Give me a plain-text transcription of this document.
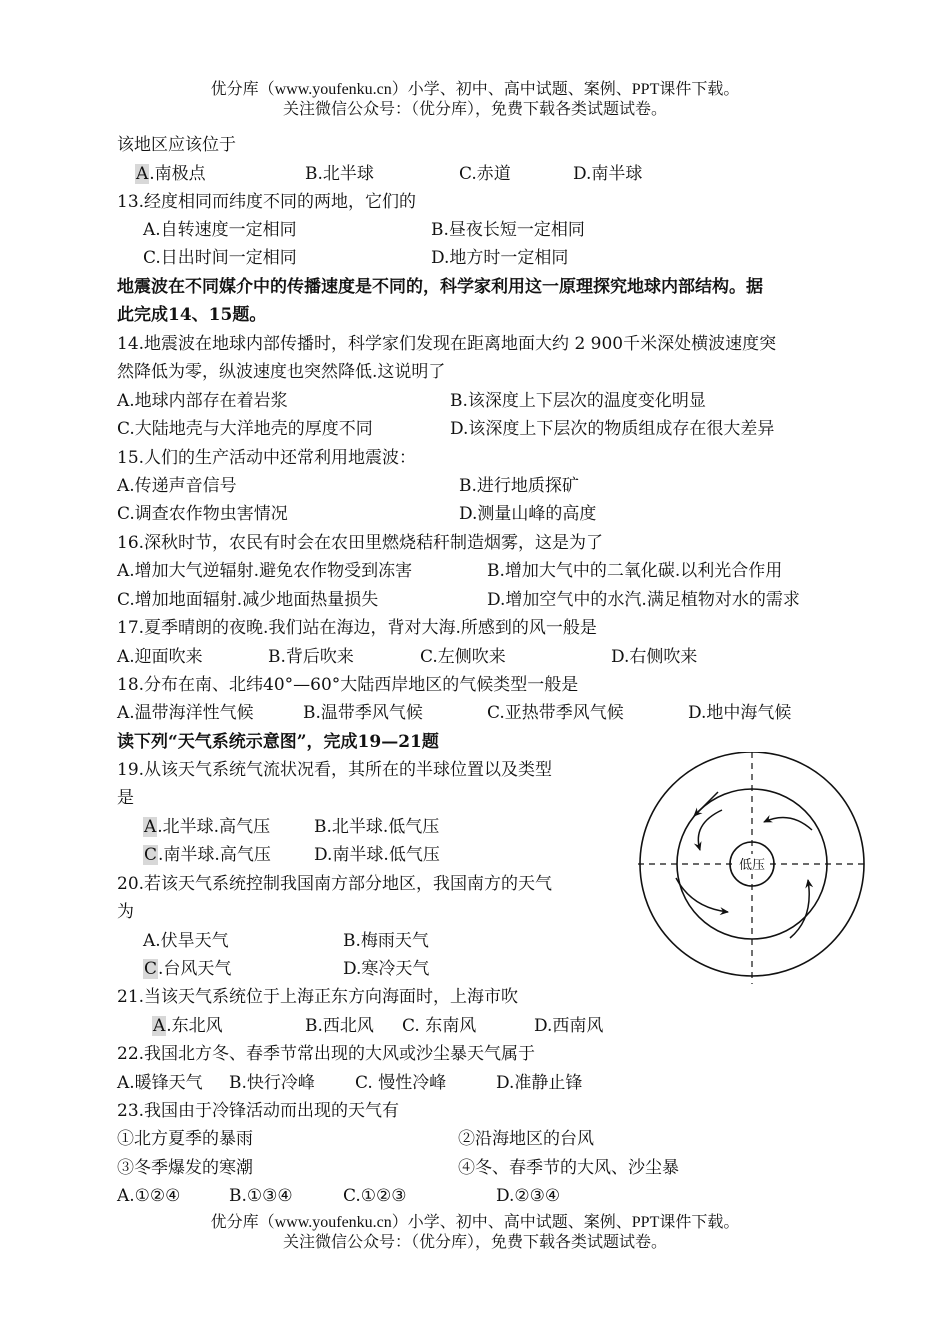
优分库（www.youfenku.cn）小学、初中、高中试题、案例、PPT课件下载。
关注微信公众号：（优分库），免费下载各类试题试卷。
该地区应该位于
A.南极点	B.北半球	C.赤道	D.南半球
13.经度相同而纬度不同的两地，它们的
A.自转速度一定相同	B.昼夜长短一定相同
C.日出时间一定相同	D.地方时一定相同
地震波在不同媒介中的传播速度是不同的，科学家利用这一原理探究地球内部结构。据
此完成14、15题。
14.地震波在地球内部传播时，科学家们发现在距离地面大约 2 900千米深处横波速度突
然降低为零，纵波速度也突然降低.这说明了
A.地球内部存在着岩浆	B.该深度上下层次的温度变化明显
C.大陆地壳与大洋地壳的厚度不同	D.该深度上下层次的物质组成存在很大差异
15.人们的生产活动中还常利用地震波：
A.传递声音信号	B.进行地质探矿
C.调查农作物虫害情况	D.测量山峰的高度
16.深秋时节，农民有时会在农田里燃烧秸秆制造烟雾，这是为了
A.增加大气逆辐射.避免农作物受到冻害	B.增加大气中的二氧化碳.以利光合作用
C.增加地面辐射.减少地面热量损失	D.增加空气中的水汽.满足植物对水的需求
17.夏季晴朗的夜晚.我们站在海边，背对大海.所感到的风一般是
A.迎面吹来	B.背后吹来	C.左侧吹来	D.右侧吹来
18.分布在南、北纬40°—60°大陆西岸地区的气候类型一般是
A.温带海洋性气候	B.温带季风气候	C.亚热带季风气候	D.地中海气候
读下列“天气系统示意图”，完成19—21题
19.从该天气系统气流状况看，其所在的半球位置以及类型
是
A.北半球.高气压	B.北半球.低气压
C.南半球.高气压	D.南半球.低气压
20.若该天气系统控制我国南方部分地区，我国南方的天气
为
A.伏旱天气	B.梅雨天气
C.台风天气	D.寒冷天气
21.当该天气系统位于上海正东方向海面时，上海市吹
A.东北风	B.西北风 C. 东南风	D.西南风
22.我国北方冬、春季节常出现的大风或沙尘暴天气属于
A.暖锋天气 B.快行冷峰 C. 慢性冷峰	D.准静止锋
23.我国由于冷锋活动而出现的天气有
①北方夏季的暴雨	②沿海地区的台风
③冬季爆发的寒潮	④冬、春季节的大风、沙尘暴
A.①②④	B.①③④	C.①②③	D.②③④
低压
优分库（www.youfenku.cn）小学、初中、高中试题、案例、PPT课件下载。
关注微信公众号：（优分库），免费下载各类试题试卷。
